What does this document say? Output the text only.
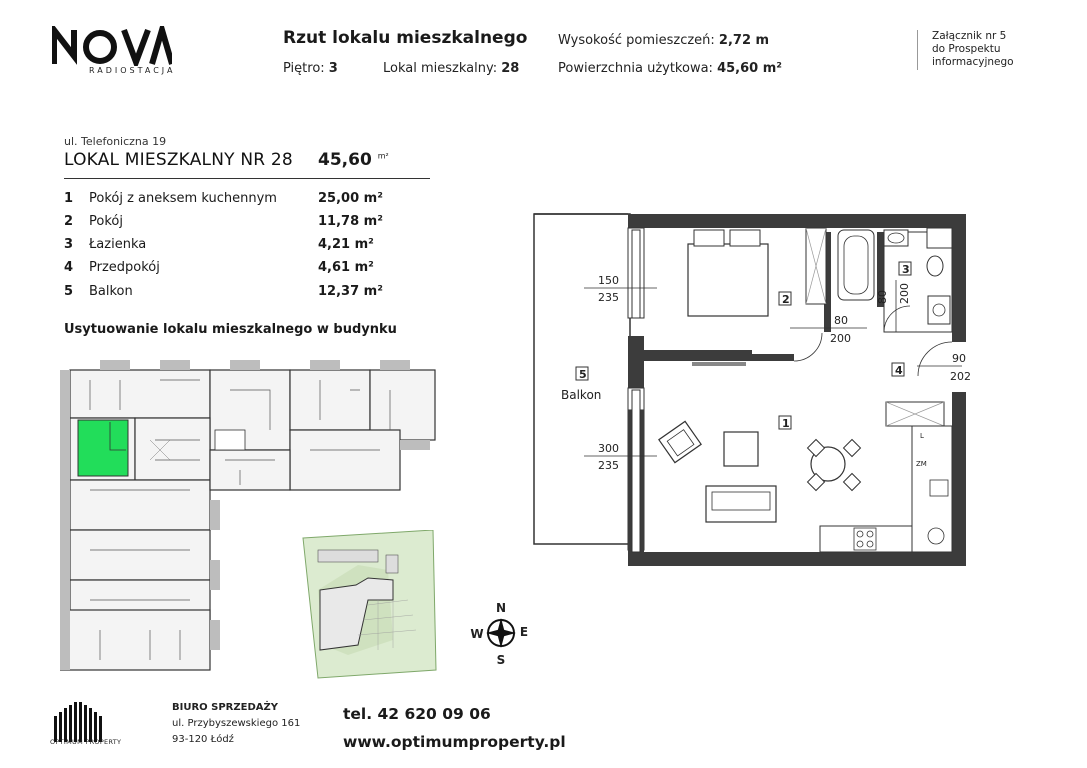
RADIOSTACJA
Rzut lokalu mieszkalnego
Piętro: 3	Lokal mieszkalny: 28
Wysokość pomieszczeń: 2,72 m
Powierzchnia użytkowa: 45,60 m²
Załącznik nr 5
do Prospektu
informacyjnego
ul. Telefoniczna 19
LOKAL MIESZKALNY NR 28 45,60 $^{m^2}$
1 Pokój z aneksem kuchennym	25,00 m²
2 Pokój	11,78 m²
3 Łazienka	4,21 m²
4 Przedpokój	4,61 m²
5 Balkon	12,37 m²
Usytuowanie lokalu mieszkalnego w budynku
N
S
E
W
ZM
L
150
235
300
235
80
200
90
202
80 200
1
2
3
4
5
Balkon
OPTIMUM PROPERTY
BIURO SPRZEDAŻY
ul. Przybyszewskiego 161
93-120 Łódź
tel. 42 620 09 06
www.optimumproperty.pl
